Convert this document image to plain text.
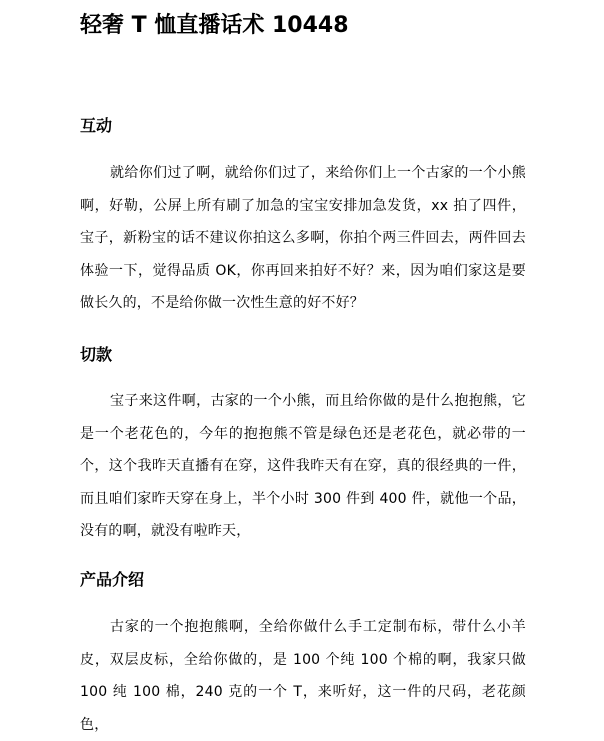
轻奢 T 恤直播话术 10448
互动

就给你们过了啊，就给你们过了，来给你们上一个古家的一个小熊啊，好勒，公屏上所有刷了加急的宝宝安排加急发货，xx 拍了四件，宝子，新粉宝的话不建议你拍这么多啊，你拍个两三件回去，两件回去体验一下，觉得品质 OK，你再回来拍好不好？来，因为咱们家这是要做长久的，不是给你做一次性生意的好不好？

切款

宝子来这件啊，古家的一个小熊，而且给你做的是什么抱抱熊，它是一个老花色的，今年的抱抱熊不管是绿色还是老花色，就必带的一个，这个我昨天直播有在穿，这件我昨天有在穿，真的很经典的一件，而且咱们家昨天穿在身上，半个小时 300 件到 400 件，就他一个品，没有的啊，就没有啦昨天，

产品介绍

古家的一个抱抱熊啊，全给你做什么手工定制布标，带什么小羊皮，双层皮标，全给你做的，是 100 个纯 100 个棉的啊，我家只做 100 纯 100 棉，240 克的一个 T，来听好，这一件的尺码，老花颜色，
